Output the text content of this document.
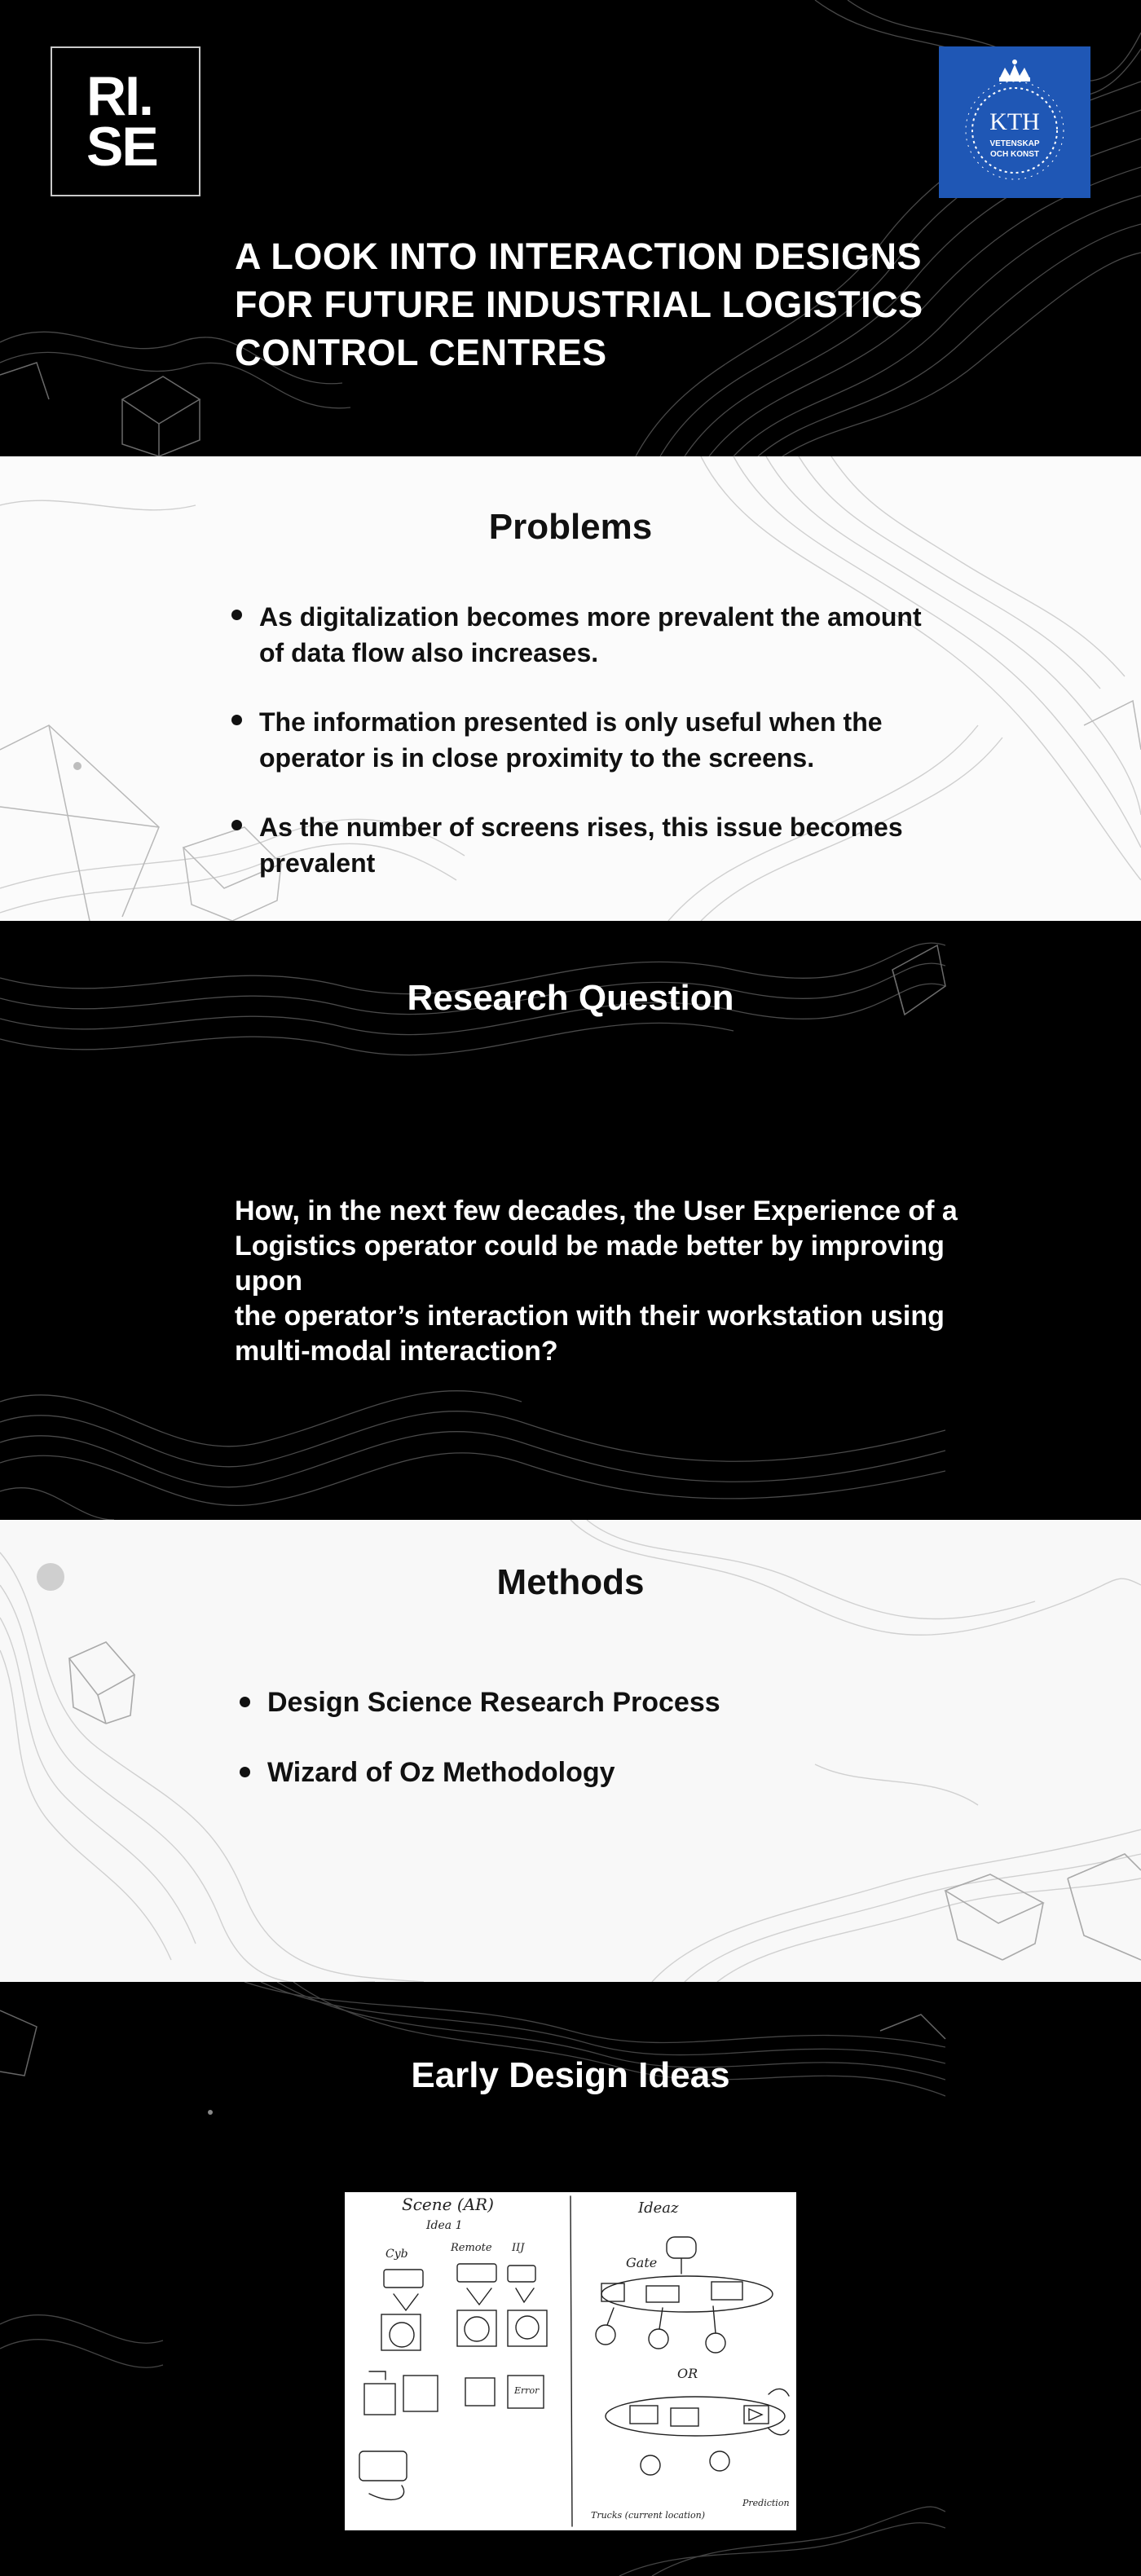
RI.
SE	KTH
VETENSKAP
OCH KONST
A LOOK INTO INTERACTION DESIGNS
FOR FUTURE INDUSTRIAL LOGISTICS
CONTROL CENTRES
Problems
As digitalization becomes more prevalent the amount
of data flow also increases.
The information presented is only useful when the
operator is in close proximity to the screens.
As the number of screens rises, this issue becomes
prevalent
Research Question
How, in the next few decades, the User Experience of a
Logistics operator could be made better by improving upon
the operator’s interaction with their workstation using
multi-modal interaction?
Methods
Design Science Research Process
Wizard of Oz Methodology
Early Design Ideas
Scene (AR)
Idea 1
Ideaz
Cyb	Remote IIJ
Gate
Error
OR
Prediction
Trucks (current location)
